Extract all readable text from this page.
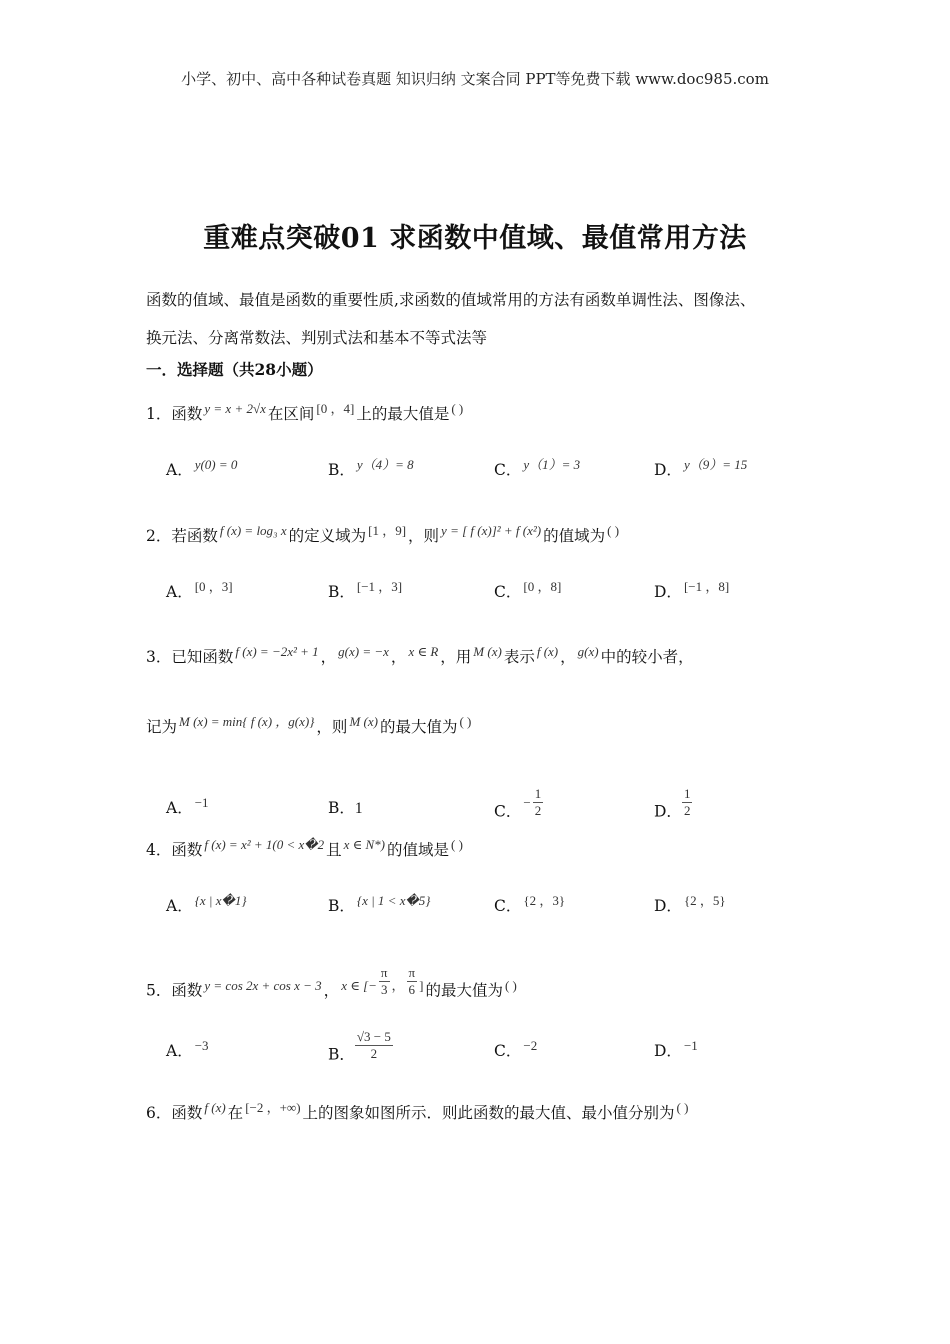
小学、初中、高中各种试卷真题 知识归纳 文案合同 PPT等免费下载 www.doc985.com
重难点突破01 求函数中值域、最值常用方法
函数的值域、最值是函数的重要性质,求函数的值域常用的方法有函数单调性法、图像法、
换元法、分离常数法、判别式法和基本不等式法等
一．选择题（共28小题）
1．函数 $^{y = x + 2√x}$ 在区间 [0 ，4] 上的最大值是 ( )
A． $^{y(0) = 0}$	B． $^{y(4)= 8}$	C． $^{y(1)= 3}$	D． $^{y(9)= 15}$
2．若函数 $^{f (x) = log_3 x}$ 的定义域为 [1 ，9] ，则 $^{y = [ f (x)]^2 + f (x^2)}$ 的值域为 ( )
A． [0 ，3]	B． [−1 ，3]	C． [0 ，8]	D． [−1 ，8]
3．已知函数 $^{f (x) = -2x^2 + 1}$ ， $^{g(x) = -x}$ ， $^{x \in R}$ ，用 $^{M (x)}$ 表示 $^{f (x)}$ ， $^{g(x)}$ 中的较小者，
记为 $^{M (x) = min\{ f (x) ,g(x)\}}$ ，则 $^{M (x)}$ 的最大值为 ( )
A． $^{-1}$	B．1	C．$^- \frac{1}{2}$	D． $\frac{1}{2}$
4．函数 $^{f (x) = x^2 + 1(0 < x�2}$ 且 $^{x \in N*)}$ 的值域是 ( )
A． $^{\{x | x�1\}}$	B． $^{\{x | 1 < x�5\}}$	C． $^{\{2 ,3\}}$	D． $^{\{2 ,5\}}$
5．函数 $^{y = cos 2x + cos x - 3}$ ， $^{x \in [-} \frac{\pi}{3} ^, \frac{\pi}{6} ^]$ 的最大值为 ( )
A． $^{-3}$	B． $\frac{√3 - 5}{2}$	C． $^{-2}$	D． $^{-1}$
6．函数 $^{f (x)}$ 在 $^{[-2 ,+\infty)}$ 上的图象如图所示．则此函数的最大值、最小值分别为 ( )
